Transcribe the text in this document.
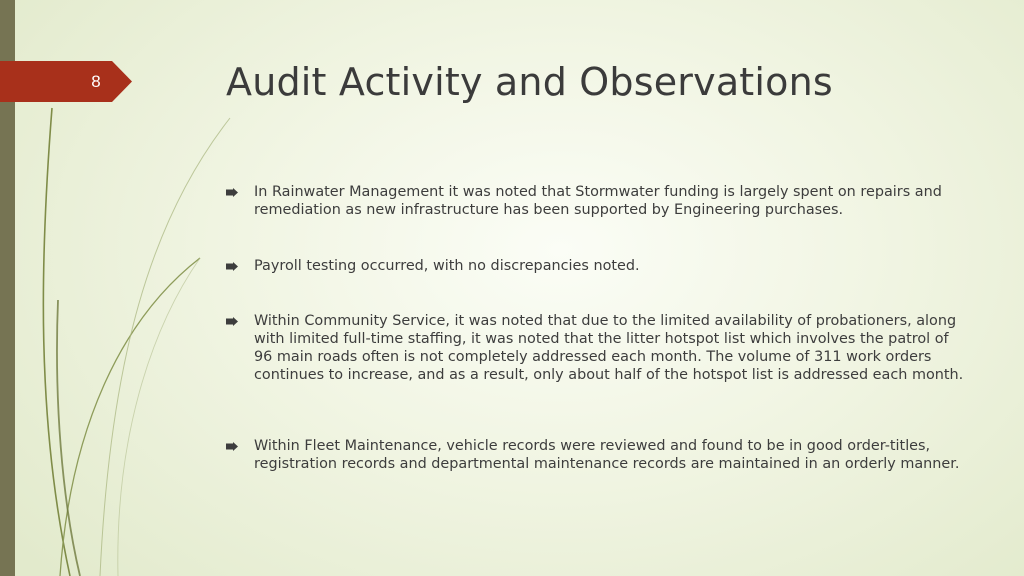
8	Audit Activity and Observations
In Rainwater Management it was noted that Stormwater funding is largely spent on repairs and remediation as new infrastructure has been supported by Engineering purchases.
Payroll testing occurred, with no discrepancies noted.
Within Community Service, it was noted that due to the limited availability of probationers, along with limited full-time staffing, it was noted that the litter hotspot list which involves the patrol of 96 main roads often is not completely addressed each month. The volume of 311 work orders continues to increase, and as a result, only about half of the hotspot list is addressed each month.
Within Fleet Maintenance, vehicle records were reviewed and found to be in good order-titles, registration records and departmental maintenance records are maintained in an orderly manner.
